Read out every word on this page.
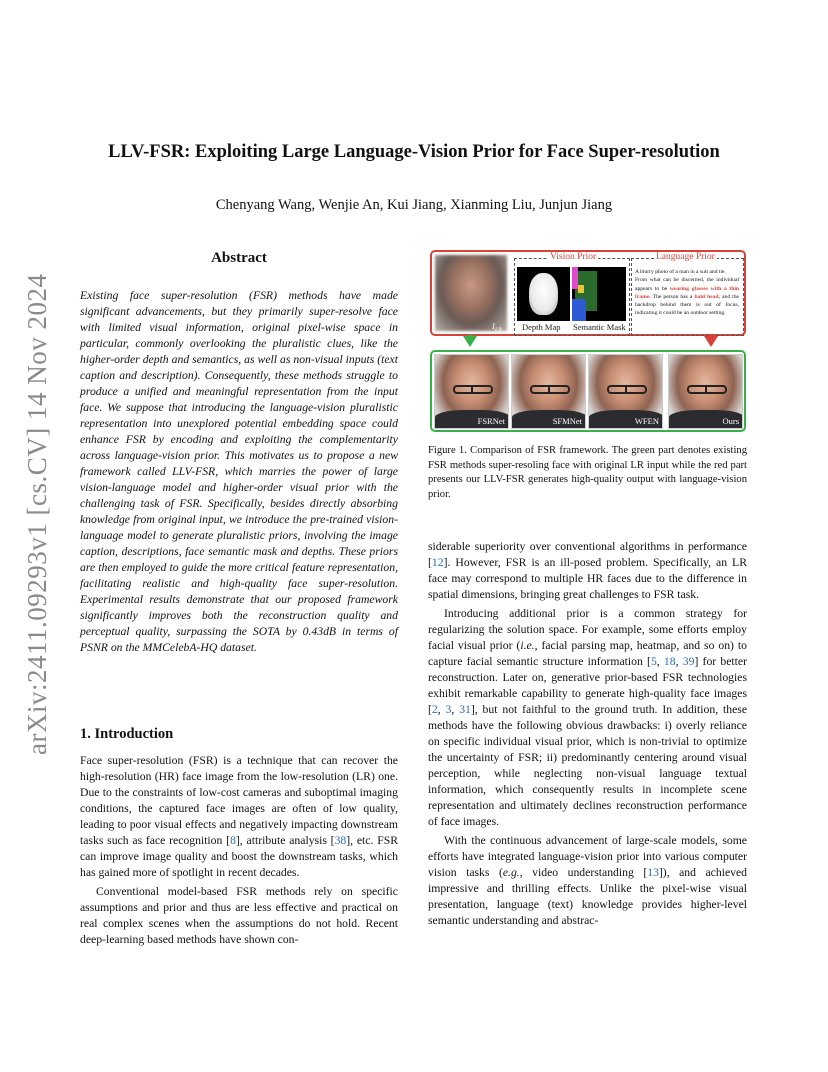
LLV-FSR: Exploiting Large Language-Vision Prior for Face Super-resolution
Chenyang Wang, Wenjie An, Kui Jiang, Xianming Liu, Junjun Jiang
arXiv:2411.09293v1 [cs.CV] 14 Nov 2024
Abstract
Existing face super-resolution (FSR) methods have made significant advancements, but they primarily super-resolve face with limited visual information, original pixel-wise space in particular, commonly overlooking the pluralistic clues, like the higher-order depth and semantics, as well as non-visual inputs (text caption and description). Consequently, these methods struggle to produce a unified and meaningful representation from the input face. We suppose that introducing the language-vision pluralistic representation into unexplored potential embedding space could enhance FSR by encoding and exploiting the complementarity across language-vision prior. This motivates us to propose a new framework called LLV-FSR, which marries the power of large vision-language model and higher-order visual prior with the challenging task of FSR. Specifically, besides directly absorbing knowledge from original input, we introduce the pre-trained vision-language model to generate pluralistic priors, involving the image caption, descriptions, face semantic mask and depths. These priors are then employed to guide the more critical feature representation, facilitating realistic and high-quality face super-resolution. Experimental results demonstrate that our proposed framework significantly improves both the reconstruction quality and perceptual quality, surpassing the SOTA by 0.43dB in terms of PSNR on the MMCelebA-HQ dataset.
1. Introduction

Face super-resolution (FSR) is a technique that can recover the high-resolution (HR) face image from the low-resolution (LR) one. Due to the constraints of low-cost cameras and suboptimal imaging conditions, the captured face images are often of low quality, leading to poor visual effects and negatively impacting downstream tasks such as face recognition [8], attribute analysis [38], etc. FSR can improve image quality and boost the downstream tasks, which has gained more of spotlight in recent decades.

Conventional model-based FSR methods rely on specific assumptions and prior and thus are less effective and practical on real complex scenes when the assumptions do not hold. Recent deep-learning based methods have shown con-

$I_{LR}$
Vision Prior
Depth Map Semantic Mask
Language Prior
A blurry photo of a man in a suit and tie.
From what can be discerned, the individual appears to be wearing glasses with a thin frame. The person has a bald head, and the backdrop behind them is out of focus, indicating it could be an outdoor setting.
FSRNet	SFMNet	WFEN	Ours
Figure 1. Comparison of FSR framework. The green part denotes existing FSR methods super-resoling face with original LR input while the red part presents our LLV-FSR generates high-quality output with language-vision prior.

siderable superiority over conventional algorithms in performance [12]. However, FSR is an ill-posed problem. Specifically, an LR face may correspond to multiple HR faces due to the difference in spatial dimensions, bringing great challenges to FSR task.

Introducing additional prior is a common strategy for regularizing the solution space. For example, some efforts employ facial visual prior (i.e., facial parsing map, heatmap, and so on) to capture facial semantic structure information [5, 18, 39] for better reconstruction. Later on, generative prior-based FSR technologies exhibit remarkable capability to generate high-quality face images [2, 3, 31], but not faithful to the ground truth. In addition, these methods have the following obvious drawbacks: i) overly reliance on specific individual visual prior, which is non-trivial to optimize the uncertainty of FSR; ii) predominantly centering around visual perception, while neglecting non-visual language textual information, which consequently results in incomplete scene representation and ultimately declines reconstruction performance of face images.

With the continuous advancement of large-scale models, some efforts have integrated language-vision prior into various computer vision tasks (e.g., video understanding [13]), and achieved impressive and thrilling effects. Unlike the pixel-wise visual presentation, language (text) knowledge provides higher-level semantic understanding and abstrac-
